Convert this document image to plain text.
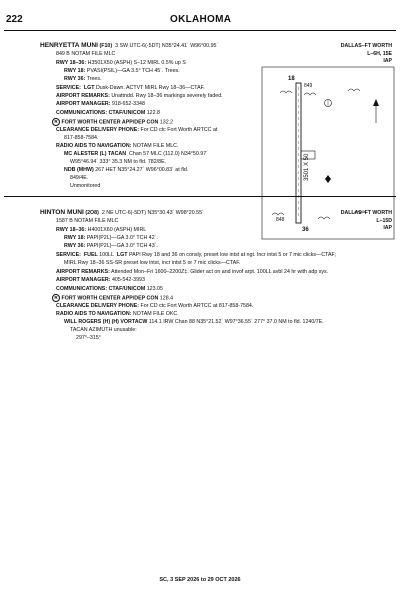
222	OKLAHOMA
HENRYETTA MUNI (F10) 3 SW UTC-6(-5DT) N35°24.41´ W96°00.95´
849 B NOTAM FILE MLC
DALLAS–FT WORTH
L–6H, 15E
IAP
RWY 18–36: H3501X50 (ASPH) S–12 MIRL 0.5% up S
RWY 18: PVASI(PSIL)—GA 3.5° TCH 45´. Trees.
RWY 36: Trees.
SERVICE: LGT Dusk-Dawn. ACTVT MIRL Rwy 18–36—CTAF.
AIRPORT REMARKS: Unattndd. Rwy 18–36 markings severely faded.
AIRPORT MANAGER: 918-652-3348
COMMUNICATIONS: CTAF/UNICOM 122.8
R FORT WORTH CENTER APP/DEP CON 132.2
CLEARANCE DELIVERY PHONE: For CD ctc Fort Worth ARTCC at
817-858-7584.
RADIO AIDS TO NAVIGATION: NOTAM FILE MLC.
MC ALESTER (L) TACAN Chan 57 MLC (112.0) N34°50.97´
W95°46.94´ 333° 35.3 NM to fld. 782/8E.
NDB (MHW) 267 HET N35°24.27´ W96°00.83´ at fld.
849/4E.
Unmonitored
3501 X 50
18
36
849
848
HINTON MUNI (2O8) 2 NE UTC-6(-5DT) N35°30.43´ W98°20.55´
1587 B NOTAM FILE MLC
DALLAS–FT WORTH
L–15D
IAP
RWY 18–36: H4001X60 (ASPH) MIRL
RWY 18: PAPI(P2L)—GA 3.0° TCH 42´.
RWY 36: PAPI(P2L)—GA 3.0° TCH 43´.
SERVICE: FUEL 100LL LGT PAPI Rwy 18 and 36 on consly, preset low intst at ngt. Incr intst 5 or 7 mic clicks—CTAF;
MIRL Rwy 18–36 SS-SR preset low intst, incr intst 5 or 7 mic clicks—CTAF.
AIRPORT REMARKS: Attended Mon–Fri 1600–2200Z‡. Glider act on and invof arpt. 100LL avbl 24 hr with adp sys.
AIRPORT MANAGER: 405-542-3993
COMMUNICATIONS: CTAF/UNICOM 123.05
R FORT WORTH CENTER APP/DEP CON 128.4
CLEARANCE DELIVERY PHONE: For CD ctc Fort Worth ARTCC at 817-858-7584.
RADIO AIDS TO NAVIGATION: NOTAM FILE OKC.
WILL ROGERS (H) (H) VORTACW 114.1 IRW Chan 88 N35°21.52´ W97°36.55´ 277° 37.0 NM to fld. 1240/7E.
TACAN AZIMUTH unusable:
297°–315°
SC, 3 SEP 2026 to 29 OCT 2026
